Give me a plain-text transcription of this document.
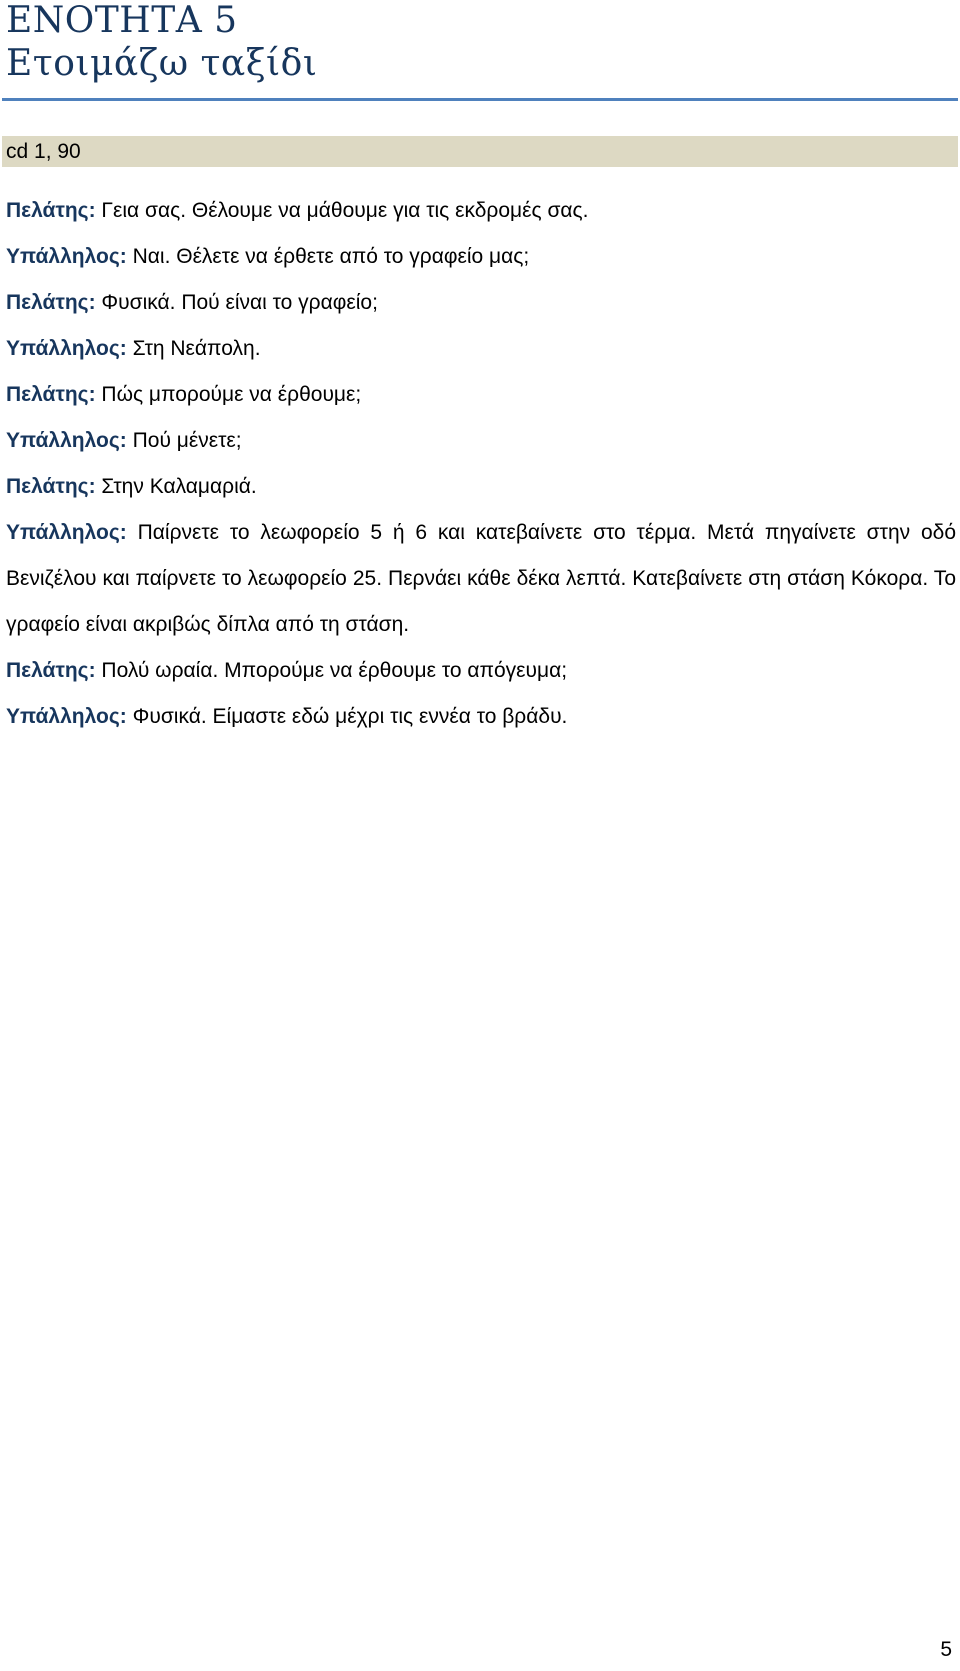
ΕΝΟΤΗΤΑ 5
Ετοιμάζω ταξίδι
cd 1, 90
Πελάτης: Γεια σας. Θέλουμε να μάθουμε για τις εκδρομές σας.
Υπάλληλος: Ναι. Θέλετε να έρθετε από το γραφείο μας;
Πελάτης: Φυσικά. Πού είναι το γραφείο;
Υπάλληλος: Στη Νεάπολη.
Πελάτης: Πώς μπορούμε να έρθουμε;
Υπάλληλος: Πού μένετε;
Πελάτης: Στην Καλαμαριά.
Υπάλληλος: Παίρνετε το λεωφορείο 5 ή 6 και κατεβαίνετε στο τέρμα. Μετά πηγαίνετε στην οδό Βενιζέλου και παίρνετε το λεωφορείο 25. Περνάει κάθε δέκα λεπτά. Κατεβαίνετε στη στάση Κόκορα. Το γραφείο είναι ακριβώς δίπλα από τη στάση.
Πελάτης: Πολύ ωραία. Μπορούμε να έρθουμε το απόγευμα;
Υπάλληλος: Φυσικά. Είμαστε εδώ μέχρι τις εννέα το βράδυ.
5
